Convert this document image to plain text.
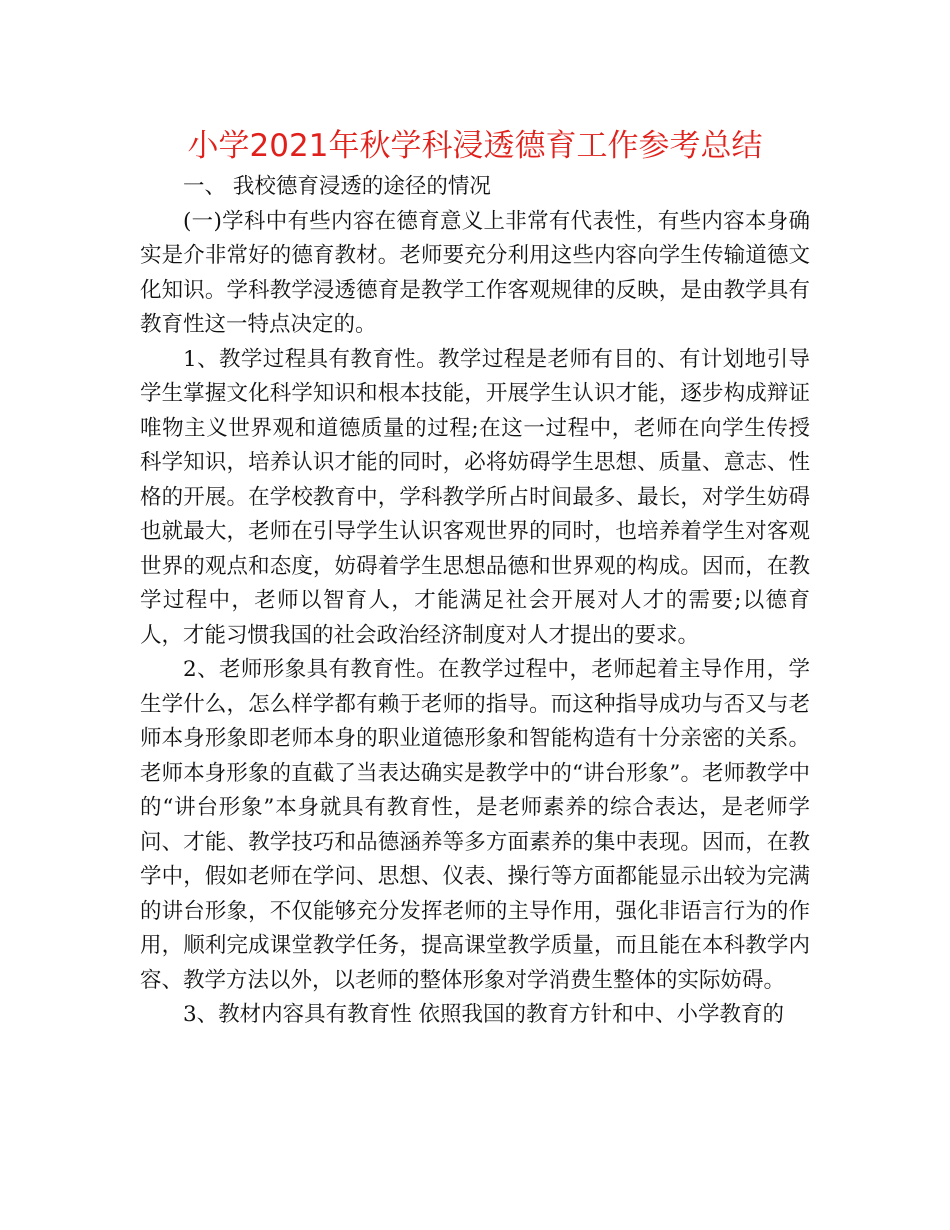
小学2021年秋学科浸透德育工作参考总结

一、 我校德育浸透的途径的情况

(一)学科中有些内容在德育意义上非常有代表性，有些内容本身确实是介非常好的德育教材。老师要充分利用这些内容向学生传输道德文化知识。学科教学浸透德育是教学工作客观规律的反映，是由教学具有教育性这一特点决定的。

1、教学过程具有教育性。教学过程是老师有目的、有计划地引导学生掌握文化科学知识和根本技能，开展学生认识才能，逐步构成辩证唯物主义世界观和道德质量的过程;在这一过程中，老师在向学生传授科学知识，培养认识才能的同时，必将妨碍学生思想、质量、意志、性格的开展。在学校教育中，学科教学所占时间最多、最长，对学生妨碍也就最大，老师在引导学生认识客观世界的同时，也培养着学生对客观世界的观点和态度，妨碍着学生思想品德和世界观的构成。因而，在教学过程中，老师以智育人，才能满足社会开展对人才的需要;以德育人，才能习惯我国的社会政治经济制度对人才提出的要求。

2、老师形象具有教育性。在教学过程中，老师起着主导作用，学生学什么，怎么样学都有赖于老师的指导。而这种指导成功与否又与老师本身形象即老师本身的职业道德形象和智能构造有十分亲密的关系。老师本身形象的直截了当表达确实是教学中的“讲台形象”。老师教学中的“讲台形象”本身就具有教育性，是老师素养的综合表达，是老师学问、才能、教学技巧和品德涵养等多方面素养的集中表现。因而，在教学中，假如老师在学问、思想、仪表、操行等方面都能显示出较为完满的讲台形象，不仅能够充分发挥老师的主导作用，强化非语言行为的作用，顺利完成课堂教学任务，提高课堂教学质量，而且能在本科教学内容、教学方法以外，以老师的整体形象对学消费生整体的实际妨碍。

3、教材内容具有教育性 依照我国的教育方针和中、小学教育的
